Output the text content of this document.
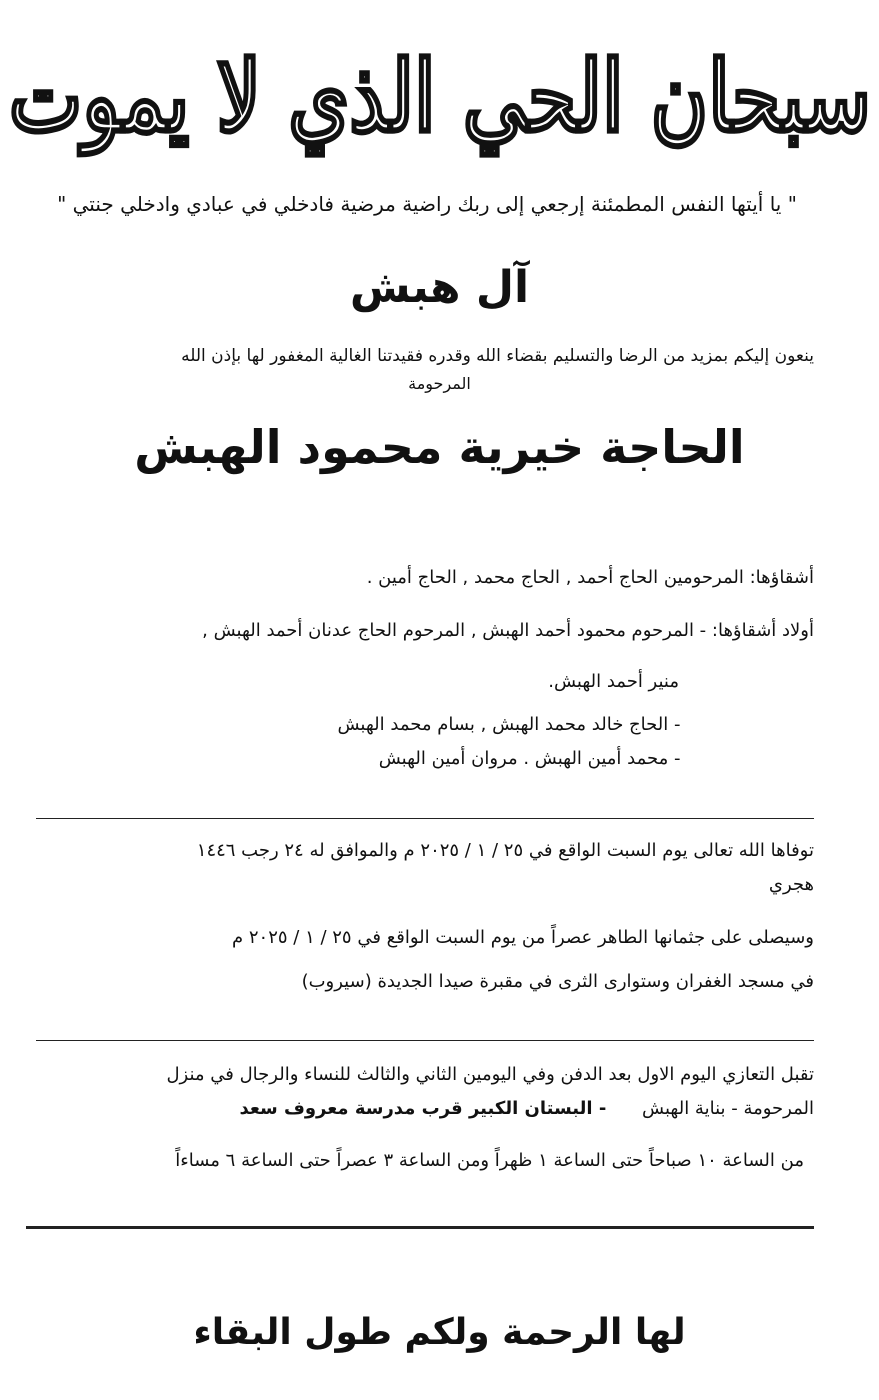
سبحان الحي الذي لا يموت
" يا أيتها النفس المطمئنة إرجعي إلى ربك راضية مرضية فادخلي في عبادي وادخلي جنتي "
آل هبش
ينعون إليكم بمزيد من الرضا والتسليم بقضاء الله وقدره فقيدتنا الغالية المغفور لها بإذن الله
المرحومة
الحاجة خيرية محمود الهبش
أشقاؤها: المرحومين الحاج أحمد , الحاج محمد , الحاج أمين .
أولاد أشقاؤها: - المرحوم محمود أحمد الهبش , المرحوم الحاج عدنان أحمد الهبش ,
منير أحمد الهبش.
- الحاج خالد محمد الهبش , بسام محمد الهبش
- محمد أمين الهبش . مروان أمين الهبش
توفاها الله تعالى يوم السبت الواقع في ٢٥ / ١ / ٢٠٢٥ م والموافق له ٢٤ رجب ١٤٤٦
هجري
وسيصلى على جثمانها الطاهر عصراً من يوم السبت الواقع في ٢٥ / ١ / ٢٠٢٥ م
في مسجد الغفران وستوارى الثرى في مقبرة صيدا الجديدة (سيروب)
تقبل التعازي اليوم الاول بعد الدفن وفي اليومين الثاني والثالث للنساء والرجال في منزل
المرحومة - بناية الهبش - البستان الكبير قرب مدرسة معروف سعد
من الساعة ١٠ صباحاً حتى الساعة ١ ظهراً ومن الساعة ٣ عصراً حتى الساعة ٦ مساءاً
لها الرحمة ولكم طول البقاء
